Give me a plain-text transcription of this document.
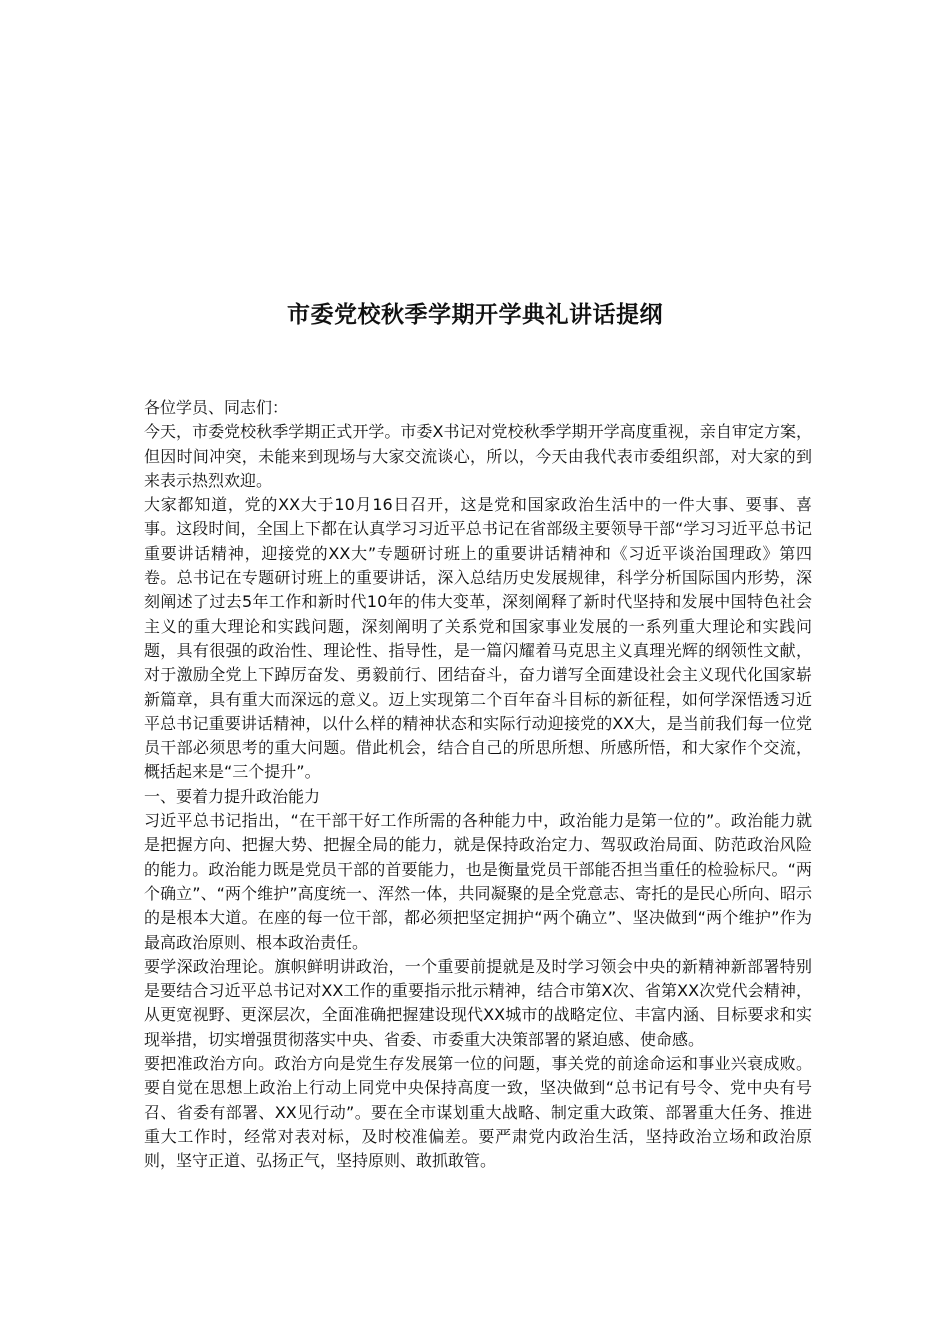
市委党校秋季学期开学典礼讲话提纲

各位学员、同志们：

今天，市委党校秋季学期正式开学。市委X书记对党校秋季学期开学高度重视，亲自审定方案，但因时间冲突，未能来到现场与大家交流谈心，所以，今天由我代表市委组织部，对大家的到来表示热烈欢迎。

大家都知道，党的XX大于10月16日召开，这是党和国家政治生活中的一件大事、要事、喜事。这段时间，全国上下都在认真学习习近平总书记在省部级主要领导干部“学习习近平总书记重要讲话精神，迎接党的XX大”专题研讨班上的重要讲话精神和《习近平谈治国理政》第四卷。总书记在专题研讨班上的重要讲话，深入总结历史发展规律，科学分析国际国内形势，深刻阐述了过去5年工作和新时代10年的伟大变革，深刻阐释了新时代坚持和发展中国特色社会主义的重大理论和实践问题，深刻阐明了关系党和国家事业发展的一系列重大理论和实践问题，具有很强的政治性、理论性、指导性，是一篇闪耀着马克思主义真理光辉的纲领性文献，对于激励全党上下踔厉奋发、勇毅前行、团结奋斗，奋力谱写全面建设社会主义现代化国家崭新篇章，具有重大而深远的意义。迈上实现第二个百年奋斗目标的新征程，如何学深悟透习近平总书记重要讲话精神，以什么样的精神状态和实际行动迎接党的XX大，是当前我们每一位党员干部必须思考的重大问题。借此机会，结合自己的所思所想、所感所悟，和大家作个交流，概括起来是“三个提升”。

一、要着力提升政治能力

习近平总书记指出，“在干部干好工作所需的各种能力中，政治能力是第一位的”。政治能力就是把握方向、把握大势、把握全局的能力，就是保持政治定力、驾驭政治局面、防范政治风险的能力。政治能力既是党员干部的首要能力，也是衡量党员干部能否担当重任的检验标尺。“两个确立”、“两个维护”高度统一、浑然一体，共同凝聚的是全党意志、寄托的是民心所向、昭示的是根本大道。在座的每一位干部，都必须把坚定拥护“两个确立”、坚决做到“两个维护”作为最高政治原则、根本政治责任。

要学深政治理论。旗帜鲜明讲政治，一个重要前提就是及时学习领会中央的新精神新部署特别是要结合习近平总书记对XX工作的重要指示批示精神，结合市第X次、省第XX次党代会精神，从更宽视野、更深层次，全面准确把握建设现代XX城市的战略定位、丰富内涵、目标要求和实现举措，切实增强贯彻落实中央、省委、市委重大决策部署的紧迫感、使命感。

要把准政治方向。政治方向是党生存发展第一位的问题，事关党的前途命运和事业兴衰成败。要自觉在思想上政治上行动上同党中央保持高度一致，坚决做到“总书记有号令、党中央有号召、省委有部署、XX见行动”。要在全市谋划重大战略、制定重大政策、部署重大任务、推进重大工作时，经常对表对标，及时校准偏差。要严肃党内政治生活，坚持政治立场和政治原则，坚守正道、弘扬正气，坚持原则、敢抓敢管。
